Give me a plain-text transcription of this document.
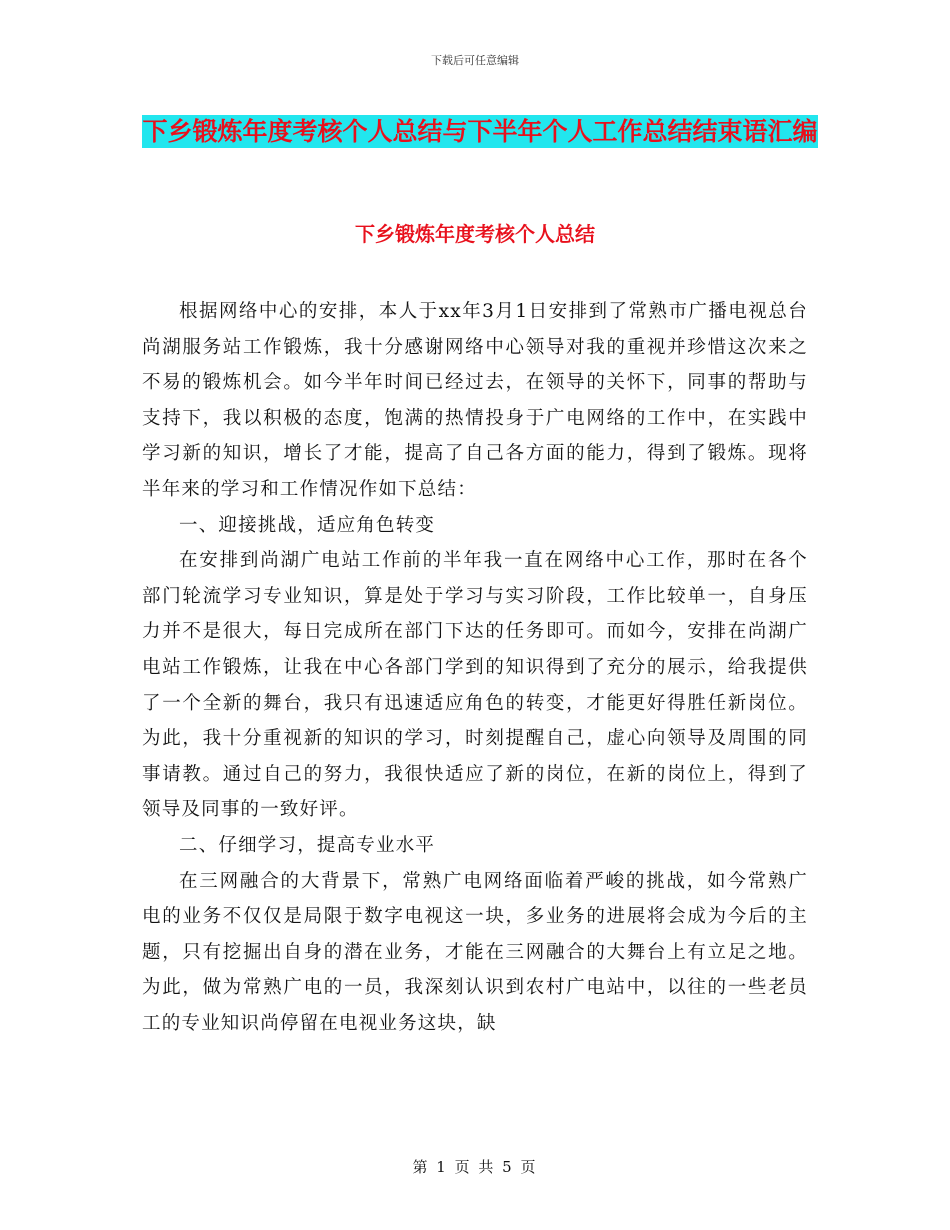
下载后可任意编辑
下乡锻炼年度考核个人总结与下半年个人工作总结结束语汇编
下乡锻炼年度考核个人总结

根据网络中心的安排，本人于xx年3月1日安排到了常熟市广播电视总台尚湖服务站工作锻炼，我十分感谢网络中心领导对我的重视并珍惜这次来之不易的锻炼机会。如今半年时间已经过去，在领导的关怀下，同事的帮助与支持下，我以积极的态度，饱满的热情投身于广电网络的工作中，在实践中学习新的知识，增长了才能，提高了自己各方面的能力，得到了锻炼。现将半年来的学习和工作情况作如下总结：

一、迎接挑战，适应角色转变

在安排到尚湖广电站工作前的半年我一直在网络中心工作，那时在各个部门轮流学习专业知识，算是处于学习与实习阶段，工作比较单一，自身压力并不是很大，每日完成所在部门下达的任务即可。而如今，安排在尚湖广电站工作锻炼，让我在中心各部门学到的知识得到了充分的展示，给我提供了一个全新的舞台，我只有迅速适应角色的转变，才能更好得胜任新岗位。为此，我十分重视新的知识的学习，时刻提醒自己，虚心向领导及周围的同事请教。通过自己的努力，我很快适应了新的岗位，在新的岗位上，得到了领导及同事的一致好评。

二、仔细学习，提高专业水平

在三网融合的大背景下，常熟广电网络面临着严峻的挑战，如今常熟广电的业务不仅仅是局限于数字电视这一块，多业务的进展将会成为今后的主题，只有挖掘出自身的潜在业务，才能在三网融合的大舞台上有立足之地。为此，做为常熟广电的一员，我深刻认识到农村广电站中，以往的一些老员工的专业知识尚停留在电视业务这块，缺

第 1 页 共 5 页
